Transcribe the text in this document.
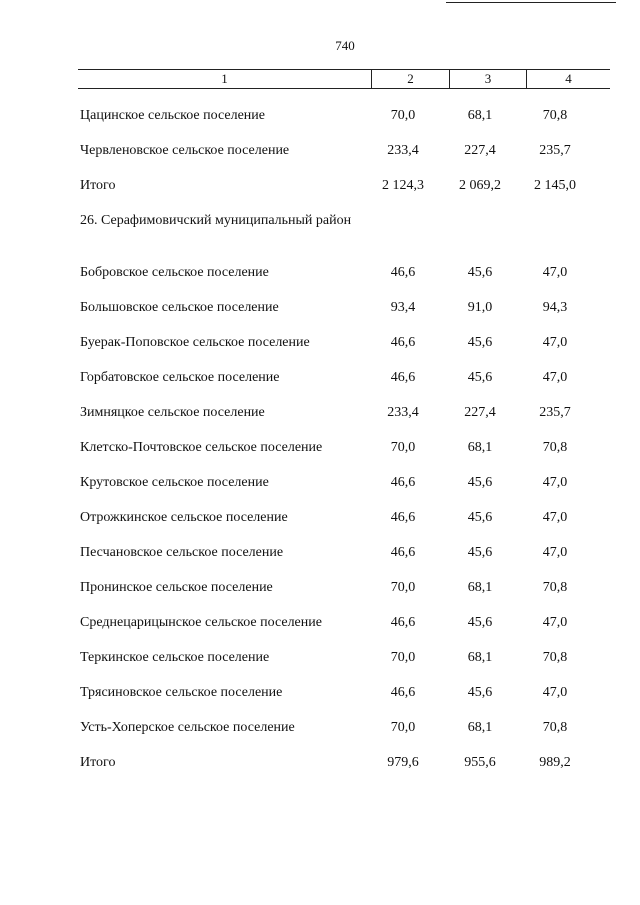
740
1	2	3	4
Цацинское сельское поселение	70,0	68,1	70,8
Червленовское сельское поселение	233,4	227,4	235,7
Итого	2 124,3	2 069,2	2 145,0
26. Серафимовичский муниципальный район
Бобровское сельское поселение	46,6	45,6	47,0
Большовское сельское поселение	93,4	91,0	94,3
Буерак-Поповское сельское поселение	46,6	45,6	47,0
Горбатовское сельское поселение	46,6	45,6	47,0
Зимняцкое сельское поселение	233,4	227,4	235,7
Клетско-Почтовское сельское поселение	70,0	68,1	70,8
Крутовское сельское поселение	46,6	45,6	47,0
Отрожкинское сельское поселение	46,6	45,6	47,0
Песчановское сельское поселение	46,6	45,6	47,0
Пронинское сельское поселение	70,0	68,1	70,8
Среднецарицынское сельское поселение	46,6	45,6	47,0
Теркинское сельское поселение	70,0	68,1	70,8
Трясиновское сельское поселение	46,6	45,6	47,0
Усть-Хоперское сельское поселение	70,0	68,1	70,8
Итого	979,6	955,6	989,2
